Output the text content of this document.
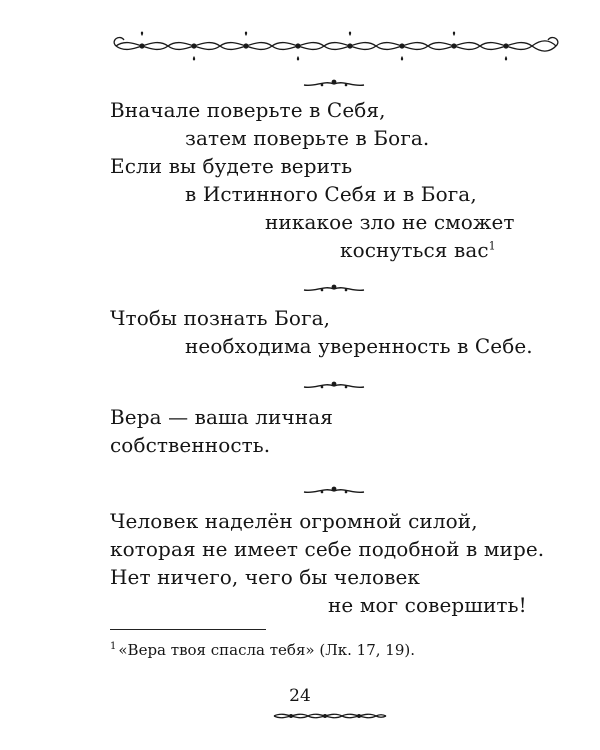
Вначале поверьте в Себя,
затем поверьте в Бога.
Если вы будете верить
в Истинного Себя и в Бога,
никакое зло не сможет
коснуться вас$^1$
Чтобы познать Бога,
необходима уверенность в Себе.
Вера — ваша личная
собственность.
Человек наделён огромной силой,
которая не имеет себе подобной в мире.
Нет ничего, чего бы человек
не мог совершить!
$^1$ «Вера твоя спасла тебя» (Лк. 17, 19).
24
